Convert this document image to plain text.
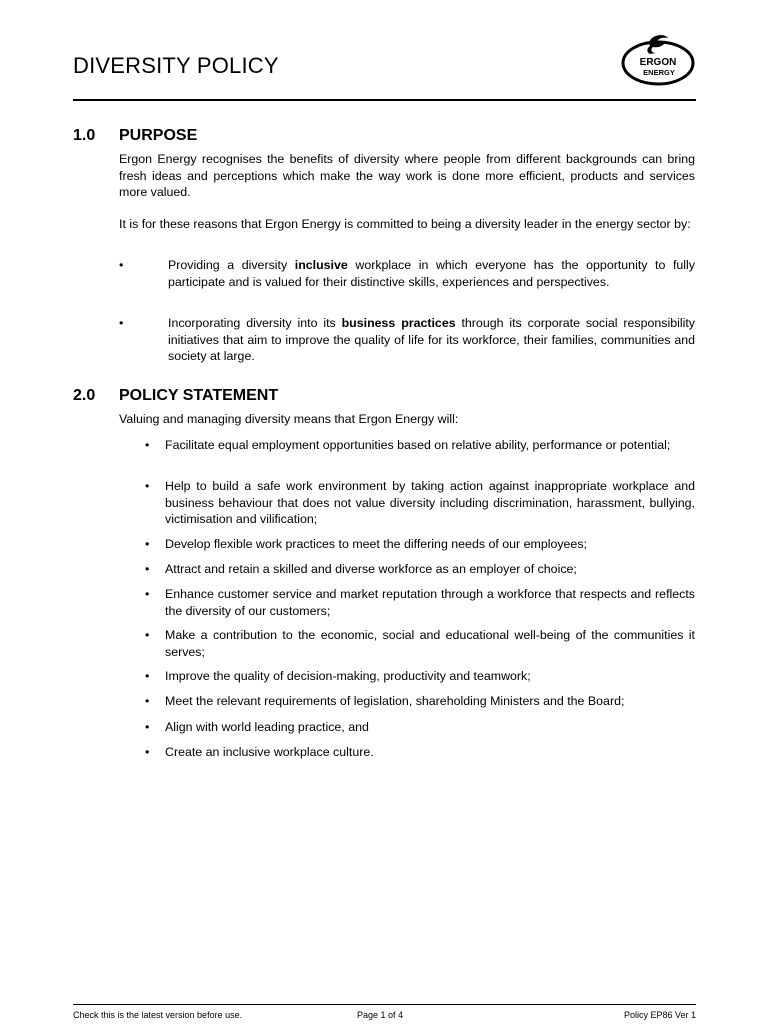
DIVERSITY POLICY	ERGON
ENERGY
1.0 PURPOSE

Ergon Energy recognises the benefits of diversity where people from different backgrounds can bring fresh ideas and perceptions which make the way work is done more efficient, products and services more valued.

It is for these reasons that Ergon Energy is committed to being a diversity leader in the energy sector by:

•	Providing a diversity inclusive workplace in which everyone has the opportunity to fully participate and is valued for their distinctive skills, experiences and perspectives.
•	Incorporating diversity into its business practices through its corporate social responsibility initiatives that aim to improve the quality of life for its workforce, their families, communities and society at large.
2.0 POLICY STATEMENT

Valuing and managing diversity means that Ergon Energy will:

•	Facilitate equal employment opportunities based on relative ability, performance or potential;
•	Help to build a safe work environment by taking action against inappropriate workplace and business behaviour that does not value diversity including discrimination, harassment, bullying, victimisation and vilification;
•	Develop flexible work practices to meet the differing needs of our employees;
•	Attract and retain a skilled and diverse workforce as an employer of choice;
•	Enhance customer service and market reputation through a workforce that respects and reflects the diversity of our customers;
•	Make a contribution to the economic, social and educational well-being of the communities it serves;
•	Improve the quality of decision-making, productivity and teamwork;
•	Meet the relevant requirements of legislation, shareholding Ministers and the Board;
•	Align with world leading practice, and
•	Create an inclusive workplace culture.
Check this is the latest version before use.	Page 1 of 4	Policy EP86 Ver 1
